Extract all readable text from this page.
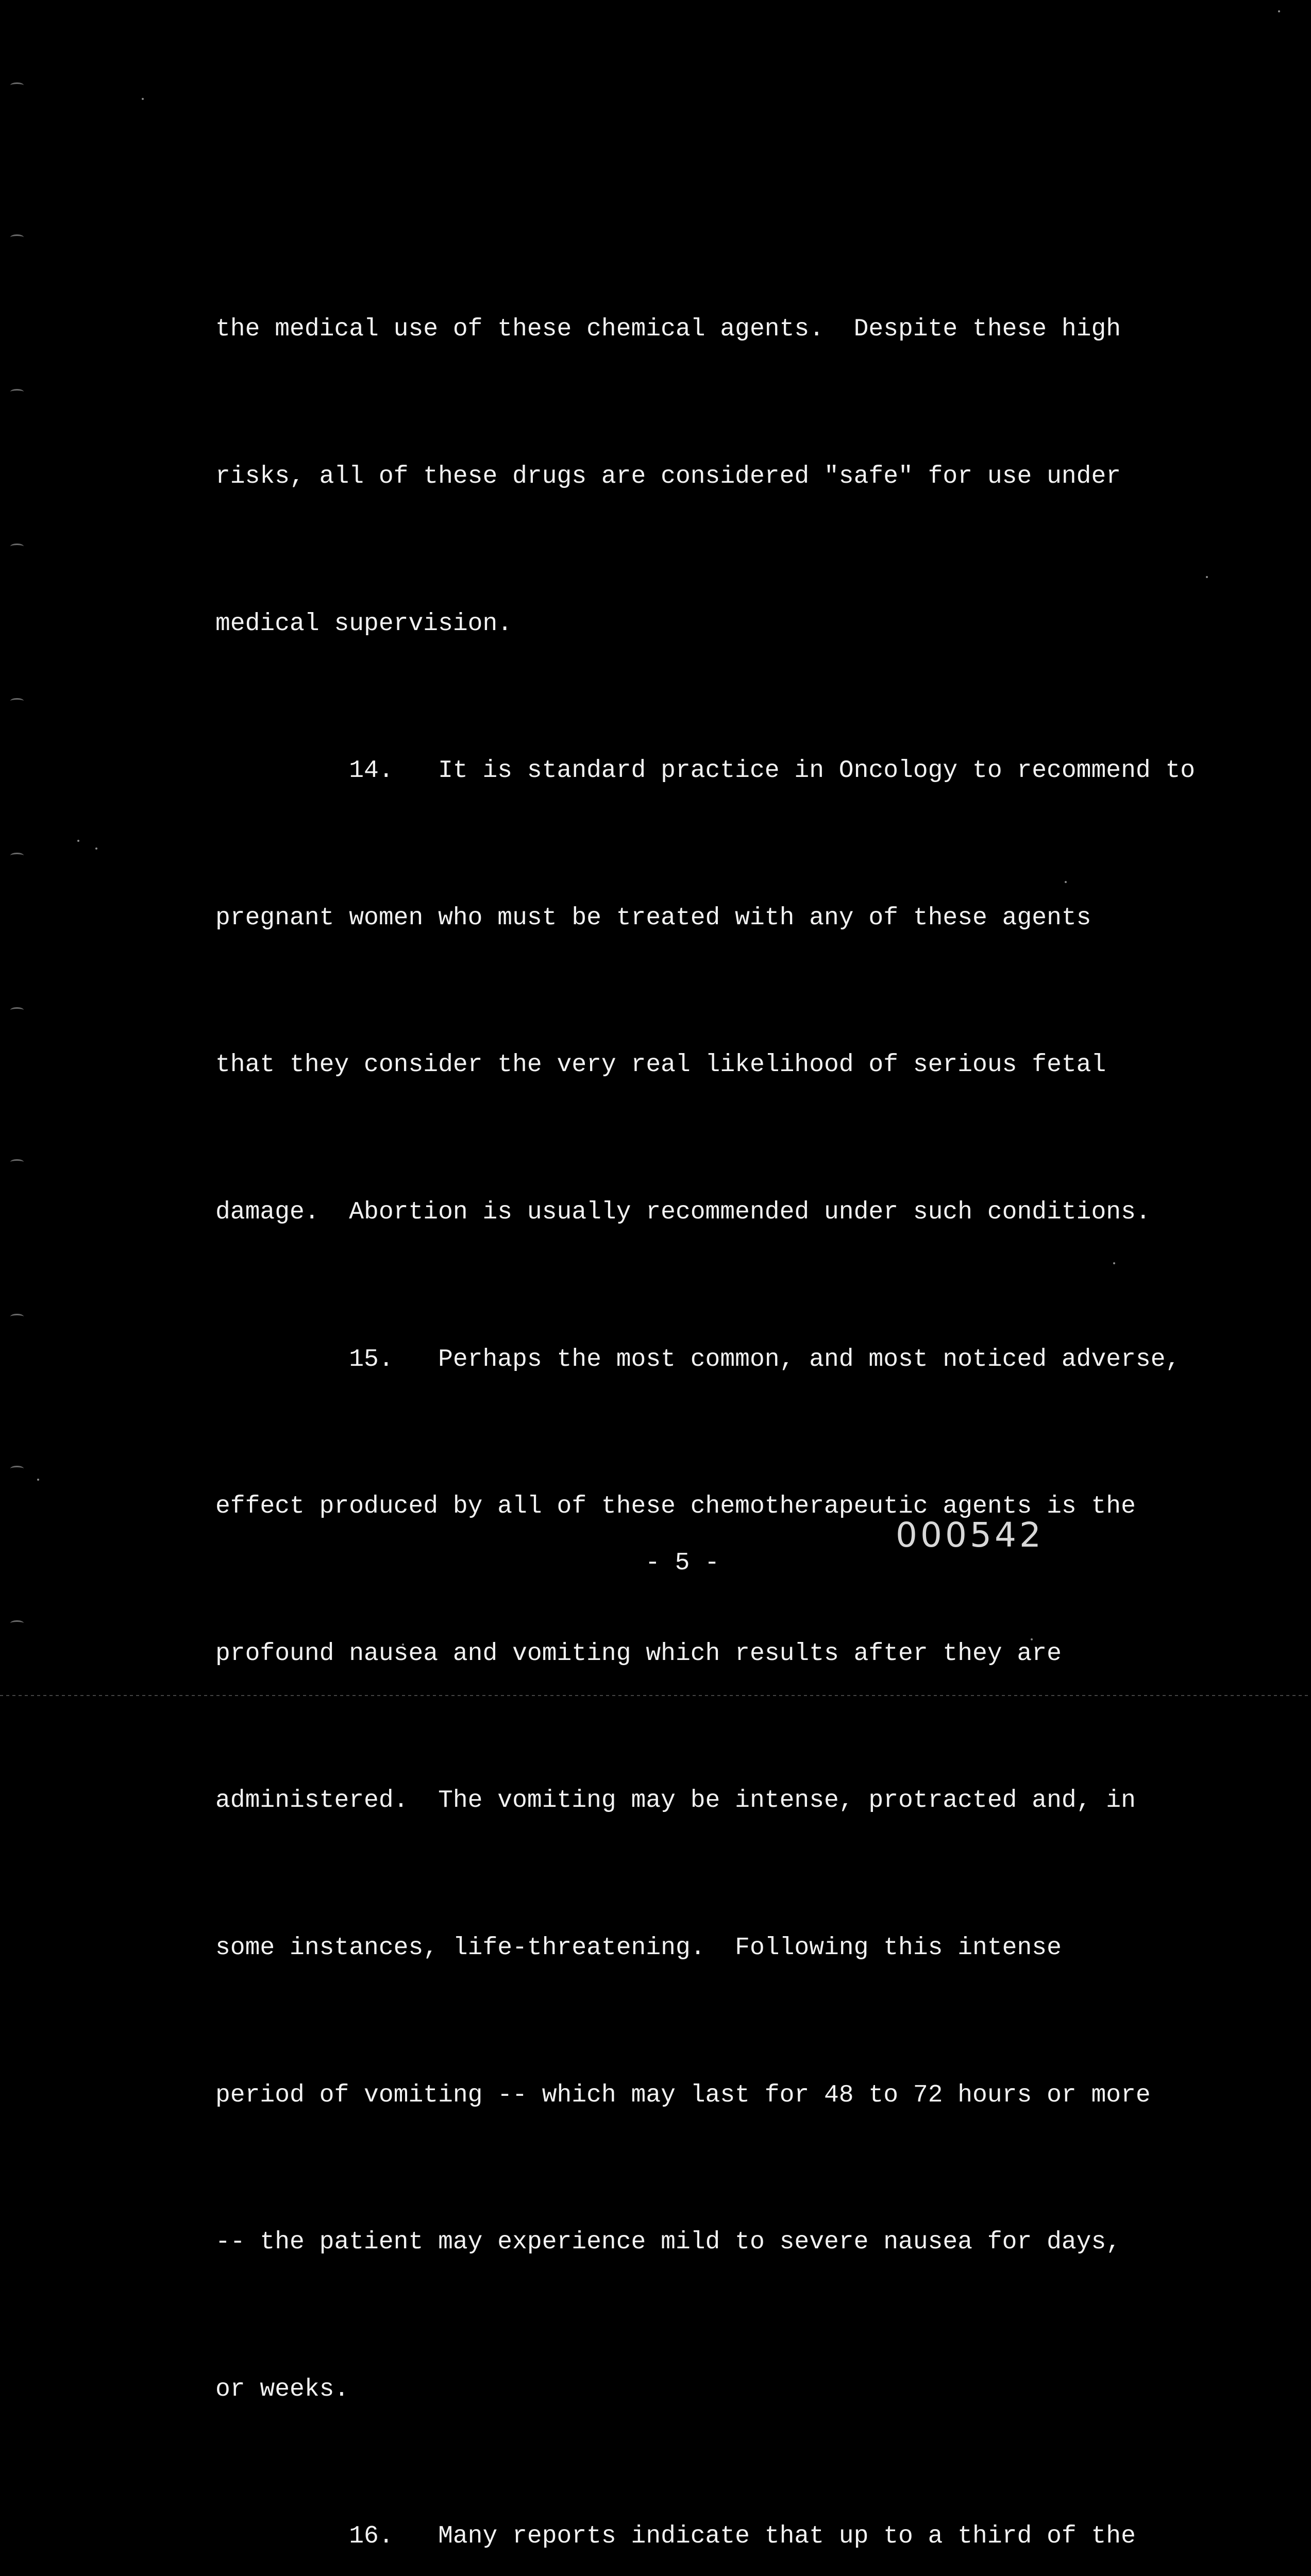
the medical use of these chemical agents.  Despite these high

risks, all of these drugs are considered "safe" for use under

medical supervision.

14.   It is standard practice in Oncology to recommend to

pregnant women who must be treated with any of these agents

that they consider the very real likelihood of serious fetal

damage.  Abortion is usually recommended under such conditions.

15.   Perhaps the most common, and most noticed adverse,

effect produced by all of these chemotherapeutic agents is the

profound nausea and vomiting which results after they are

administered.  The vomiting may be intense, protracted and, in

some instances, life-threatening.  Following this intense

period of vomiting -- which may last for 48 to 72 hours or more

-- the patient may experience mild to severe nausea for days,

or weeks.

16.   Many reports indicate that up to a third of the

000542
- 5 -
